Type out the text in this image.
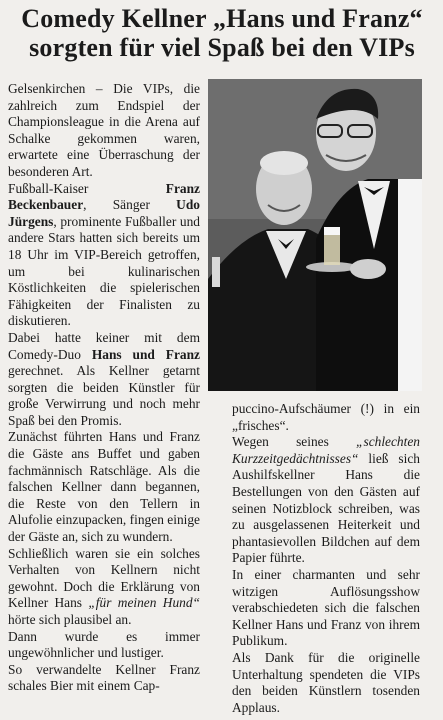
Comedy Kellner „Hans und Franz“
sorgten für viel Spaß bei den VIPs

Gelsenkirchen – Die VIPs, die zahlreich zum Endspiel der Championsleague in die Arena auf Schalke gekommen waren, erwartete eine Überraschung der besonderen Art.

Fußball-Kaiser Franz Beckenbauer, Sänger Udo Jürgens, prominente Fußballer und andere Stars hatten sich bereits um 18 Uhr im VIP-Bereich getroffen, um bei kulinarischen Köstlichkeiten die spielerischen Fähigkeiten der Finalisten zu diskutieren.

Dabei hatte keiner mit dem Comedy-Duo Hans und Franz gerechnet. Als Kellner getarnt sorgten die beiden Künstler für große Verwirrung und noch mehr Spaß bei den Promis.

Zunächst führten Hans und Franz die Gäste ans Buffet und gaben fachmännisch Ratschläge. Als die falschen Kellner dann begannen, die Reste von den Tellern in Alufolie einzupacken, fingen einige der Gäste an, sich zu wundern.

Schließlich waren sie ein solches Verhalten von Kellnern nicht gewohnt. Doch die Erklärung von Kellner Hans „für meinen Hund“ hörte sich plausibel an.

Dann wurde es immer ungewöhnlicher und lustiger.

So verwandelte Kellner Franz schales Bier mit einem Cap-

puccino-Aufschäumer (!) in ein „frisches“.

Wegen seines „schlechten Kurzzeitgedächtnisses“ ließ sich Aushilfskellner Hans die Bestellungen von den Gästen auf seinen Notizblock schreiben, was zu ausgelassenen Heiterkeit und phantasievollen Bildchen auf dem Papier führte.

In einer charmanten und sehr witzigen Auflösungsshow verabschiedeten sich die falschen Kellner Hans und Franz von ihrem Publikum.

Als Dank für die originelle Unterhaltung spendeten die VIPs den beiden Künstlern tosenden Applaus.
